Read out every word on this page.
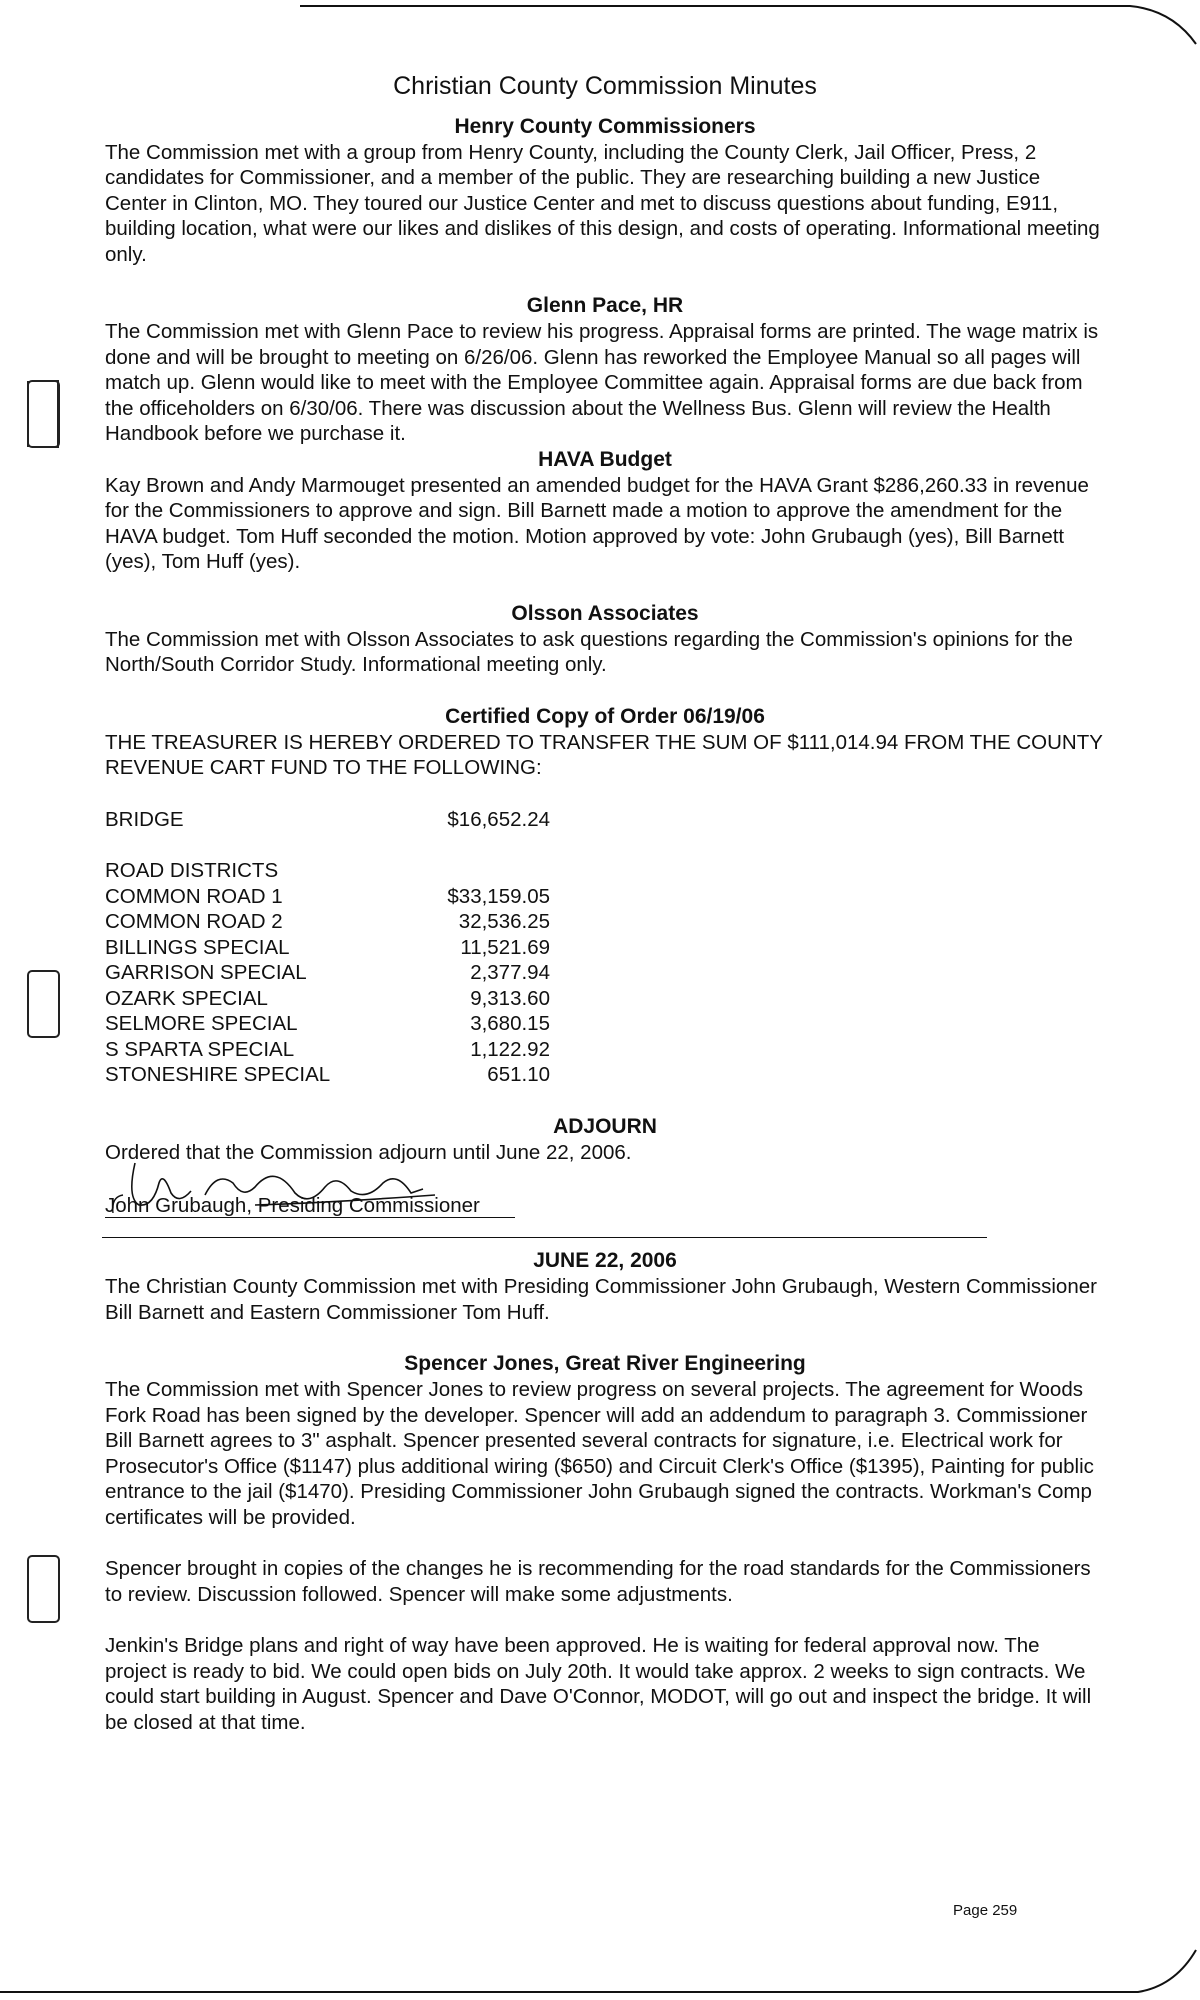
Christian County Commission Minutes
Henry County Commissioners

The Commission met with a group from Henry County, including the County Clerk, Jail Officer, Press, 2 candidates for Commissioner, and a member of the public. They are researching building a new Justice Center in Clinton, MO. They toured our Justice Center and met to discuss questions about funding, E911, building location, what were our likes and dislikes of this design, and costs of operating. Informational meeting only.

Glenn Pace, HR

The Commission met with Glenn Pace to review his progress. Appraisal forms are printed. The wage matrix is done and will be brought to meeting on 6/26/06. Glenn has reworked the Employee Manual so all pages will match up. Glenn would like to meet with the Employee Committee again. Appraisal forms are due back from the officeholders on 6/30/06. There was discussion about the Wellness Bus. Glenn will review the Health Handbook before we purchase it.

HAVA Budget

Kay Brown and Andy Marmouget presented an amended budget for the HAVA Grant $286,260.33 in revenue for the Commissioners to approve and sign. Bill Barnett made a motion to approve the amendment for the HAVA budget. Tom Huff seconded the motion. Motion approved by vote: John Grubaugh (yes), Bill Barnett (yes), Tom Huff (yes).

Olsson Associates

The Commission met with Olsson Associates to ask questions regarding the Commission's opinions for the North/South Corridor Study. Informational meeting only.

Certified Copy of Order 06/19/06

THE TREASURER IS HEREBY ORDERED TO TRANSFER THE SUM OF $111,014.94 FROM THE COUNTY REVENUE CART FUND TO THE FOLLOWING:

BRIDGE	$16,652.24
ROAD DISTRICTS
COMMON ROAD 1	$33,159.05
COMMON ROAD 2	32,536.25
BILLINGS SPECIAL	11,521.69
GARRISON SPECIAL	2,377.94
OZARK SPECIAL	9,313.60
SELMORE SPECIAL	3,680.15
S SPARTA SPECIAL	1,122.92
STONESHIRE SPECIAL	651.10
ADJOURN

Ordered that the Commission adjourn until June 22, 2006.

John Grubaugh, Presiding Commissioner
JUNE 22, 2006

The Christian County Commission met with Presiding Commissioner John Grubaugh, Western Commissioner Bill Barnett and Eastern Commissioner Tom Huff.

Spencer Jones, Great River Engineering

The Commission met with Spencer Jones to review progress on several projects. The agreement for Woods Fork Road has been signed by the developer. Spencer will add an addendum to paragraph 3. Commissioner Bill Barnett agrees to 3" asphalt. Spencer presented several contracts for signature, i.e. Electrical work for Prosecutor's Office ($1147) plus additional wiring ($650) and Circuit Clerk's Office ($1395), Painting for public entrance to the jail ($1470). Presiding Commissioner John Grubaugh signed the contracts. Workman's Comp certificates will be provided.

Spencer brought in copies of the changes he is recommending for the road standards for the Commissioners to review. Discussion followed. Spencer will make some adjustments.

Jenkin's Bridge plans and right of way have been approved. He is waiting for federal approval now. The project is ready to bid. We could open bids on July 20th. It would take approx. 2 weeks to sign contracts. We could start building in August. Spencer and Dave O'Connor, MODOT, will go out and inspect the bridge. It will be closed at that time.

Page 259
